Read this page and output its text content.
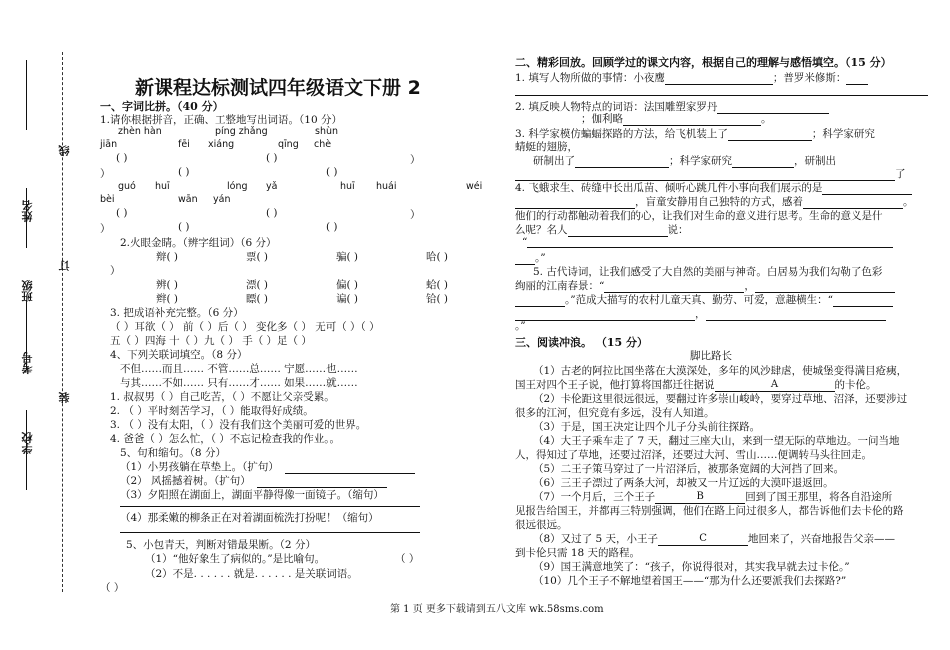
线
姓名
订
班级
考号
装
学校
新课程达标测试四年级语文下册 2
一、字词比拼。（40 分）
1.请你根据拼音，正确、工整地写出词语。（10 分）
zhèn hàn	píng zhǎng	shùn
jiān	fēi xiáng	qīng chè
( )	( )	）
）	( )	( )
guó huī	lóng yǎ	huī huái	wéi
bèi	wān yán
( )	( )	）
）	( )	( )
2.火眼金睛。（辨字组词）（6 分）
辩( )	票( )	骗( )	哈( )
）
辨( )	漂( )	偏( )	蛤( )
辫( )	瞟( )	谝( )	铪( )
3. 把成语补充完整。（6 分）
（ ）耳欲（ ） 前（ ）后（ ） 变化多（ ） 无可（ ）（ ）
五（ ）四海 十（ ）九（ ） 手（ ）足（ ）
4、下列关联词填空。（8 分）
不但……而且…… 不管……总…… 宁愿……也……
与其……不如…… 只有……才…… 如果……就……
1. 叔叔男（ ）自己吃苦，（ ）不愿让父亲受累。
2. （ ）平时刻苦学习，（ ）能取得好成绩。
3. （ ）没有太阳，（ ）没有我们这个美丽可爱的世界。
4. 爸爸（ ）怎么忙，（ ）不忘记检查我的作业。。
5、句和缩句。（8 分）
（1）小男孩躺在草垫上。（扩句）
（2） 风摇撼着树。（扩句）
（3）夕阳照在湖面上，湖面平静得像一面镜子。（缩句）
（4）那柔嫩的柳条正在对着湖面梳洗打扮呢！（缩句）
5、小包青天，判断对错最果断。（2 分）
（1）“他好象生了病似的。”是比喻句。	（ ）
（2）不是. . . . . . 就是. . . . . . 是关联词语。
（ ）
二、精彩回放。回顾学过的课文内容，根据自己的理解与感悟填空。（15 分）
1. 填写人物所做的事情：小夜鹰	；普罗米修斯：
2. 填反映人物特点的词语：法国雕塑家罗丹
；伽利略	。
3. 科学家模仿蝙蝠探路的方法，给飞机装上了	；科学家研究
蜻蜓的翅膀，
研制出了	；科学家研究	，研制出
了
4. 飞蛾求生、砖缝中长出瓜苗、倾听心跳几件小事向我们展示的是
，盲童安静用自己独特的方式，感着	。
他们的行动都触动着我们的心，让我们对生命的意义进行思考。生命的意义是什
么呢？名人	说：
“
。”
5. 古代诗词，让我们感受了大自然的美丽与神奇。白居易为我们勾勒了色彩
绚丽的江南春景：“	，
。”范成大描写的农村儿童天真、勤劳、可爱，意趣横生：“
，
。”
三、阅读冲浪。 （15 分）
脚比路长
（1）古老的阿拉比国坐落在大漠深处，多年的风沙肆虐，使城堡变得满目疮痍，
国王对四个王子说，他打算将国都迁往据说	A	的卡伦。
（2）卡伦距这里很远很远，要翻过许多崇山峻岭，要穿过草地、沼泽，还要涉过
很多的江河，但究竟有多远，没有人知道。
（3）于是，国王决定让四个儿子分头前往探路。
（4）大王子乘车走了 7 天，翻过三座大山，来到一望无际的草地边。一问当地
人，得知过了草地，还要过沼泽，还要过大河、雪山……便调转马头往回走。
（5）二王子策马穿过了一片沼泽后，被那条宽阔的大河挡了回来。
（6）三王子漂过了两条大河，却被又一片辽远的大漠吓退返回。
（7）一个月后，三个王子	B	回到了国王那里，将各自沿途所
见报告给国王，并都再三特别强调，他们在路上问过很多人，都告诉他们去卡伦的路
很远很远。
（8）又过了 5 天，小王子	C	地回来了，兴奋地报告父亲——
到卡伦只需 18 天的路程。
（9）国王满意地笑了：“孩子，你说得很对，其实我早就去过卡伦。”
（10）几个王子不解地望着国王——“那为什么还要派我们去探路?”
第 1 页 更多下载请到五八文库 wk.58sms.com
